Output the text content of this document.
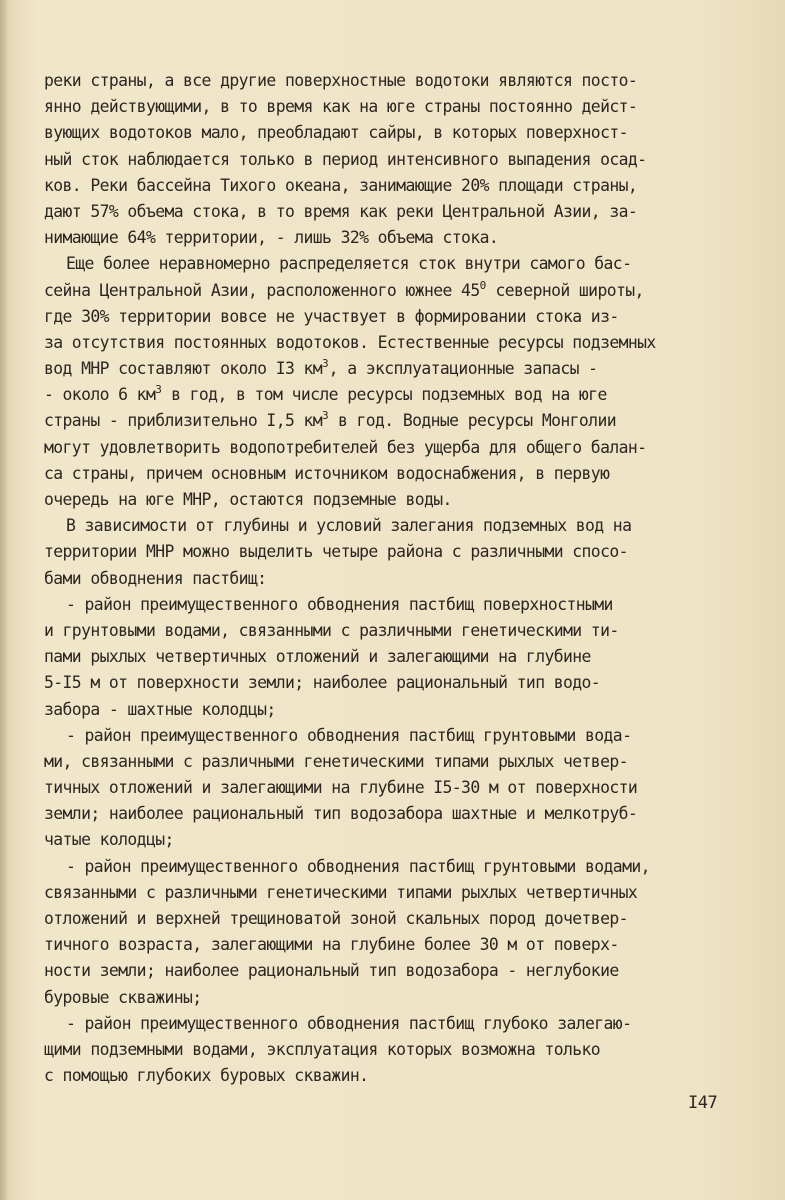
реки страны, а все другие поверхностные водотоки являются посто-
янно действующими, в то время как на юге страны постоянно дейст-
вующих водотоков мало, преобладают сайры, в которых поверхност-
ный сток наблюдается только в период интенсивного выпадения осад-
ков. Реки бассейна Тихого океана, занимающие 20% площади страны,
дают 57% объема стока, в то время как реки Центральной Азии, за-
нимающие 64% территории, - лишь 32% объема стока.
Еще более неравномерно распределяется сток внутри самого бас-
сейна Центральной Азии, расположенного южнее $45^0$ северной широты,
где 30% территории вовсе не участвует в формировании стока из-
за отсутствия постоянных водотоков. Естественные ресурсы подземных
вод МНР составляют около I3 $км^3$, а эксплуатационные запасы -
- около 6 $км^3$ в год, в том числе ресурсы подземных вод на юге
страны - приблизительно I,5 $км^3$ в год. Водные ресурсы Монголии
могут удовлетворить водопотребителей без ущерба для общего балан-
са страны, причем основным источником водоснабжения, в первую
очередь на юге МНР, остаются подземные воды.
В зависимости от глубины и условий залегания подземных вод на
территории МНР можно выделить четыре района с различными спосо-
бами обводнения пастбищ:
- район преимущественного обводнения пастбищ поверхностными
и грунтовыми водами, связанными с различными генетическими ти-
пами рыхлых четвертичных отложений и залегающими на глубине
5-I5 м от поверхности земли; наиболее рациональный тип водо-
забора - шахтные колодцы;
- район преимущественного обводнения пастбищ грунтовыми вода-
ми, связанными с различными генетическими типами рыхлых четвер-
тичных отложений и залегающими на глубине I5-30 м от поверхности
земли; наиболее рациональный тип водозабора шахтные и мелкотруб-
чатые колодцы;
- район преимущественного обводнения пастбищ грунтовыми водами,
связанными с различными генетическими типами рыхлых четвертичных
отложений и верхней трещиноватой зоной скальных пород дочетвер-
тичного возраста, залегающими на глубине более 30 м от поверх-
ности земли; наиболее рациональный тип водозабора - неглубокие
буровые скважины;
- район преимущественного обводнения пастбищ глубоко залегаю-
щими подземными водами, эксплуатация которых возможна только
с помощью глубоких буровых скважин.
I47
